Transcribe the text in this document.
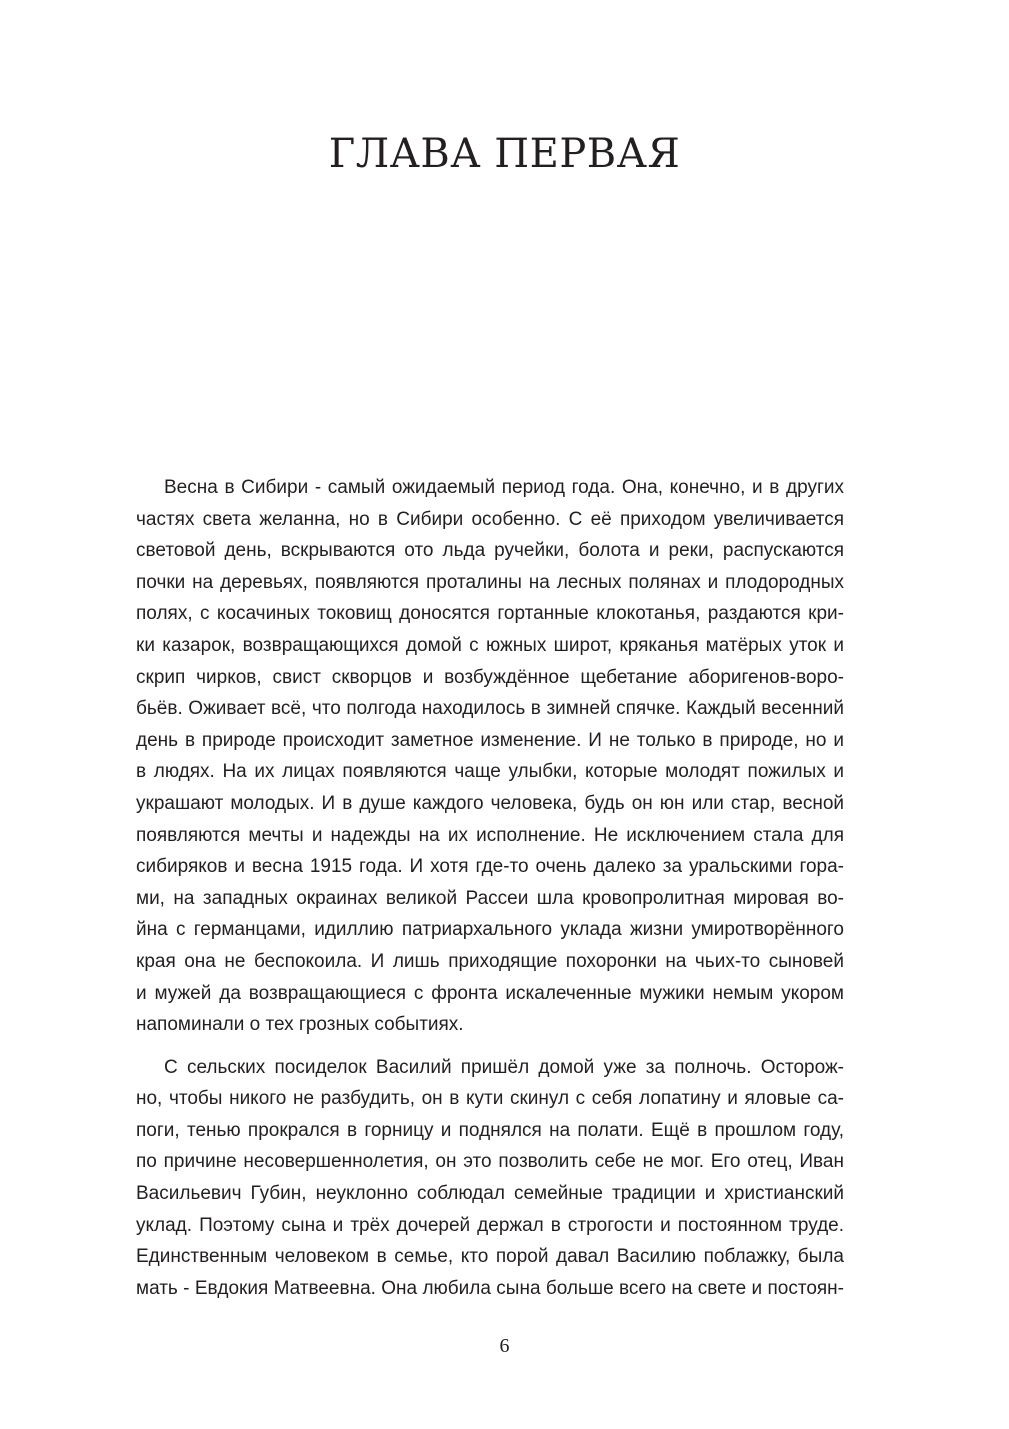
ГЛАВА ПЕРВАЯ
Весна в Сибири - самый ожидаемый период года. Она, конечно, и в других
частях света желанна, но в Сибири особенно. С её приходом увеличивается
световой день, вскрываются ото льда ручейки, болота и реки, распускаются
почки на деревьях, появляются проталины на лесных полянах и плодородных
полях, с косачиных токовищ доносятся гортанные клокотанья, раздаются кри-
ки казарок, возвращающихся домой с южных широт, кряканья матёрых уток и
скрип чирков, свист скворцов и возбуждённое щебетание аборигенов-воро-
бьёв. Оживает всё, что полгода находилось в зимней спячке. Каждый весенний
день в природе происходит заметное изменение. И не только в природе, но и
в людях. На их лицах появляются чаще улыбки, которые молодят пожилых и
украшают молодых. И в душе каждого человека, будь он юн или стар, весной
появляются мечты и надежды на их исполнение. Не исключением стала для
сибиряков и весна 1915 года. И хотя где-то очень далеко за уральскими гора-
ми, на западных окраинах великой Рассеи шла кровопролитная мировая во-
йна с германцами, идиллию патриархального уклада жизни умиротворённого
края она не беспокоила. И лишь приходящие похоронки на чьих-то сыновей
и мужей да возвращающиеся с фронта искалеченные мужики немым укором
напоминали о тех грозных событиях.
С сельских посиделок Василий пришёл домой уже за полночь. Осторож-
но, чтобы никого не разбудить, он в кути скинул с себя лопатину и яловые са-
поги, тенью прокрался в горницу и поднялся на полати. Ещё в прошлом году,
по причине несовершеннолетия, он это позволить себе не мог. Его отец, Иван
Васильевич Губин, неуклонно соблюдал семейные традиции и христианский
уклад. Поэтому сына и трёх дочерей держал в строгости и постоянном труде.
Единственным человеком в семье, кто порой давал Василию поблажку, была
мать - Евдокия Матвеевна. Она любила сына больше всего на свете и постоян-
6
